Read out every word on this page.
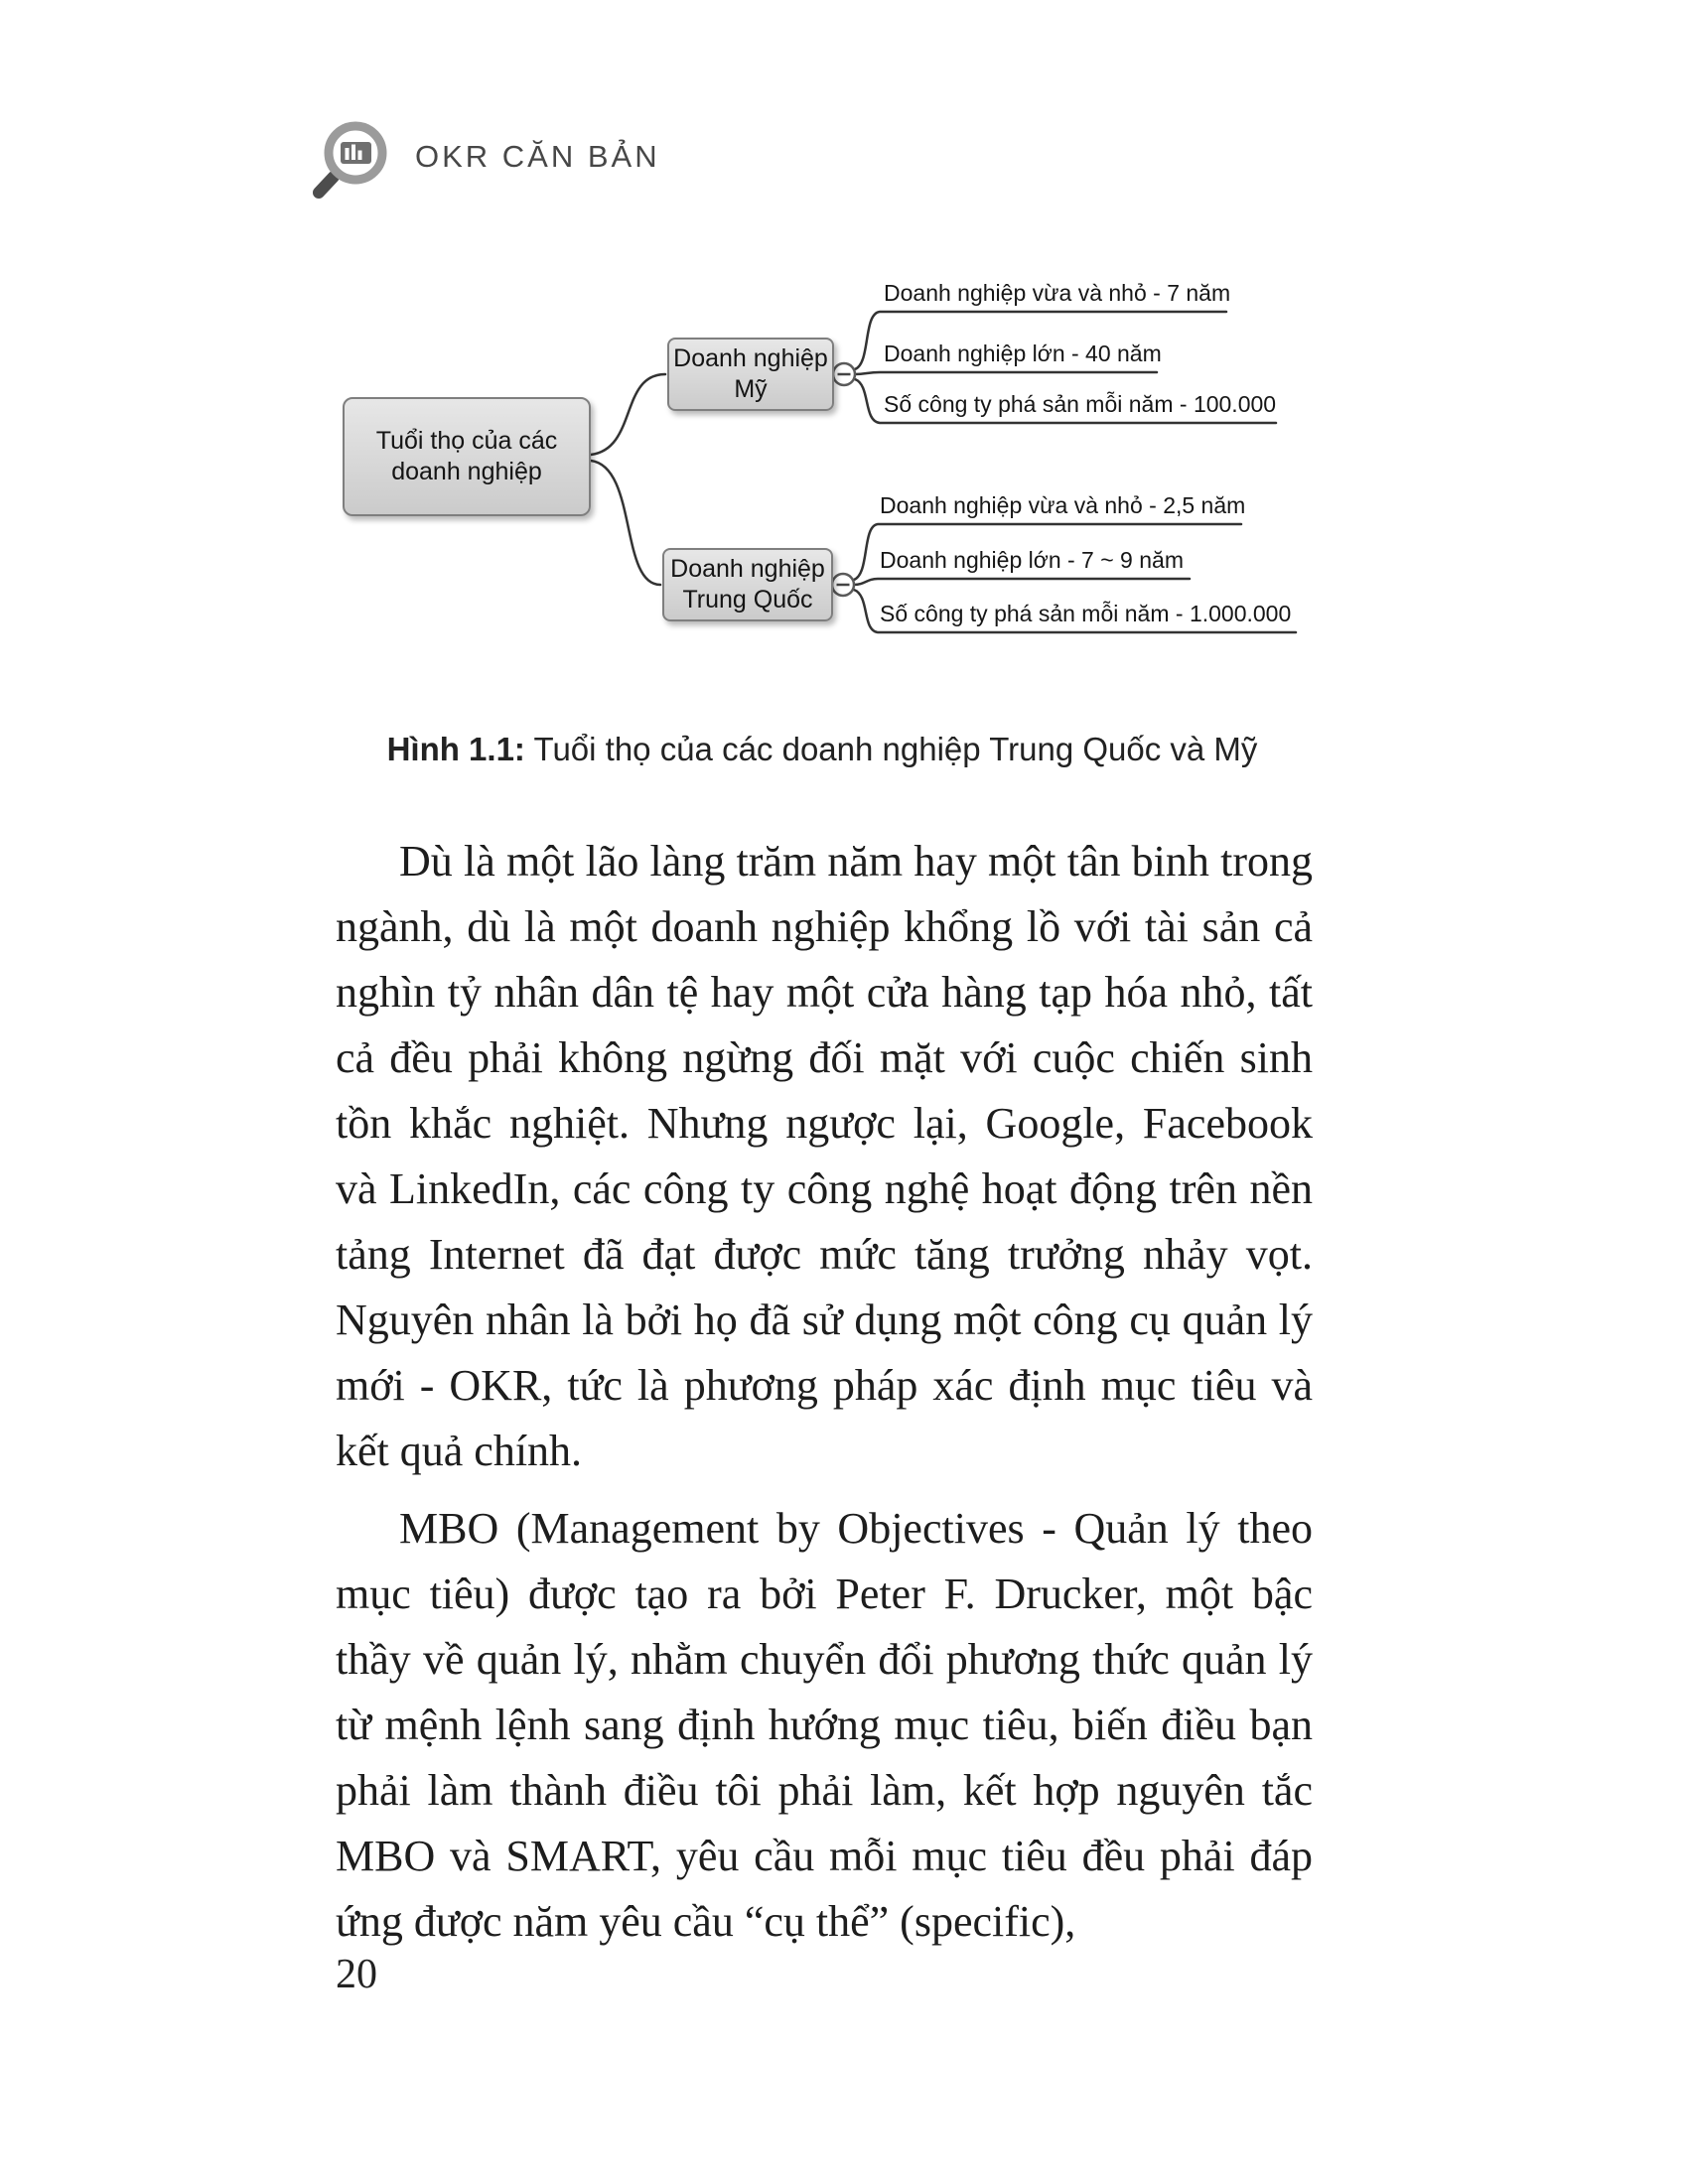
OKR CĂN BẢN
Tuổi thọ của các
doanh nghiệp
Doanh nghiệp
Mỹ
Doanh nghiệp
Trung Quốc
Doanh nghiệp vừa và nhỏ - 7 năm
Doanh nghiệp lớn - 40 năm
Số công ty phá sản mỗi năm - 100.000
Doanh nghiệp vừa và nhỏ - 2,5 năm
Doanh nghiệp lớn - 7 ~ 9 năm
Số công ty phá sản mỗi năm - 1.000.000
Hình 1.1: Tuổi thọ của các doanh nghiệp Trung Quốc và Mỹ

Dù là một lão làng trăm năm hay một tân binh trong ngành, dù là một doanh nghiệp khổng lồ với tài sản cả nghìn tỷ nhân dân tệ hay một cửa hàng tạp hóa nhỏ, tất cả đều phải không ngừng đối mặt với cuộc chiến sinh tồn khắc nghiệt. Nhưng ngược lại, Google, Facebook và LinkedIn, các công ty công nghệ hoạt động trên nền tảng Internet đã đạt được mức tăng trưởng nhảy vọt. Nguyên nhân là bởi họ đã sử dụng một công cụ quản lý mới - OKR, tức là phương pháp xác định mục tiêu và kết quả chính.

MBO (Management by Objectives - Quản lý theo mục tiêu) được tạo ra bởi Peter F. Drucker, một bậc thầy về quản lý, nhằm chuyển đổi phương thức quản lý từ mệnh lệnh sang định hướng mục tiêu, biến điều bạn phải làm thành điều tôi phải làm, kết hợp nguyên tắc MBO và SMART, yêu cầu mỗi mục tiêu đều phải đáp ứng được năm yêu cầu “cụ thể” (specific),

20
